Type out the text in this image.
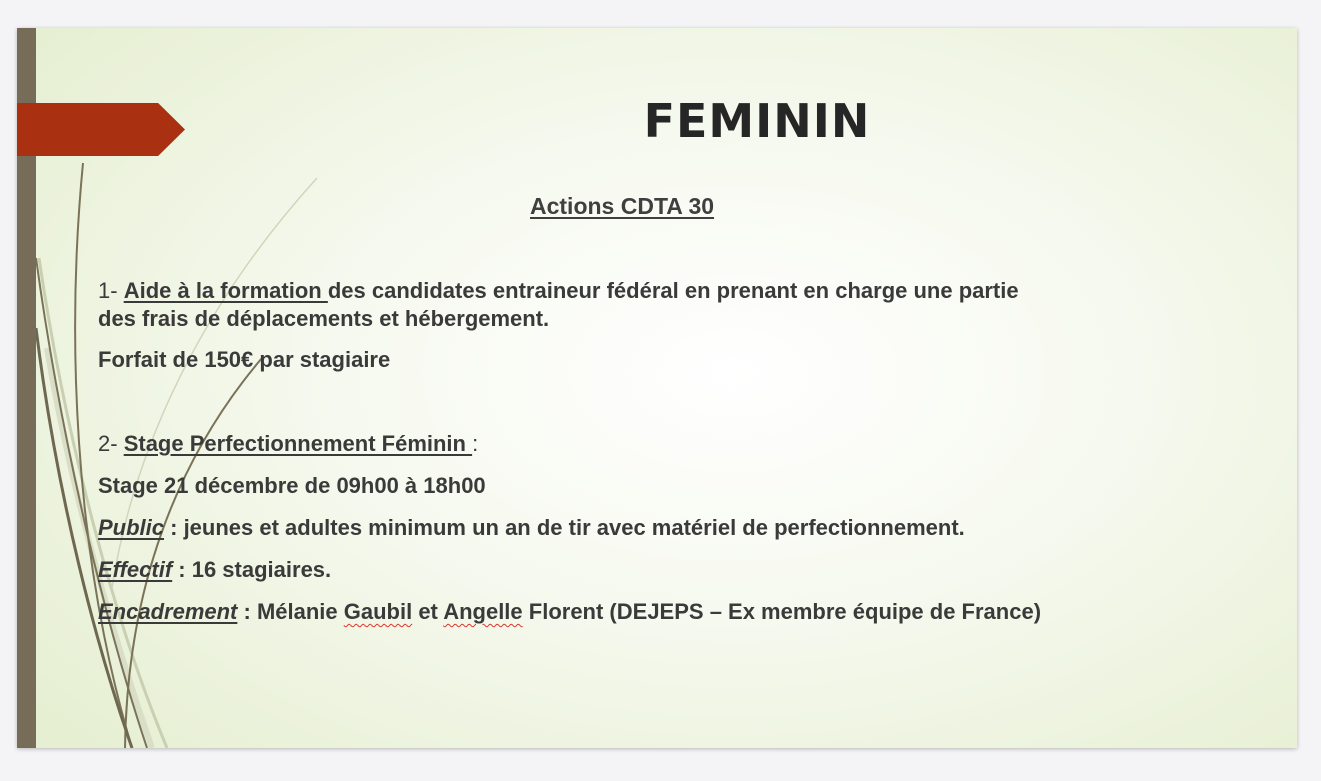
FEMININ
Actions CDTA 30

1- Aide à la formation des candidates entraineur fédéral en prenant en charge une partie

des frais de déplacements et hébergement.

Forfait de 150€ par stagiaire

2- Stage Perfectionnement Féminin :

Stage 21 décembre de 09h00 à 18h00

Public : jeunes et adultes minimum un an de tir avec matériel de perfectionnement.

Effectif : 16 stagiaires.

Encadrement : Mélanie Gaubil et Angelle Florent (DEJEPS – Ex membre équipe de France)
